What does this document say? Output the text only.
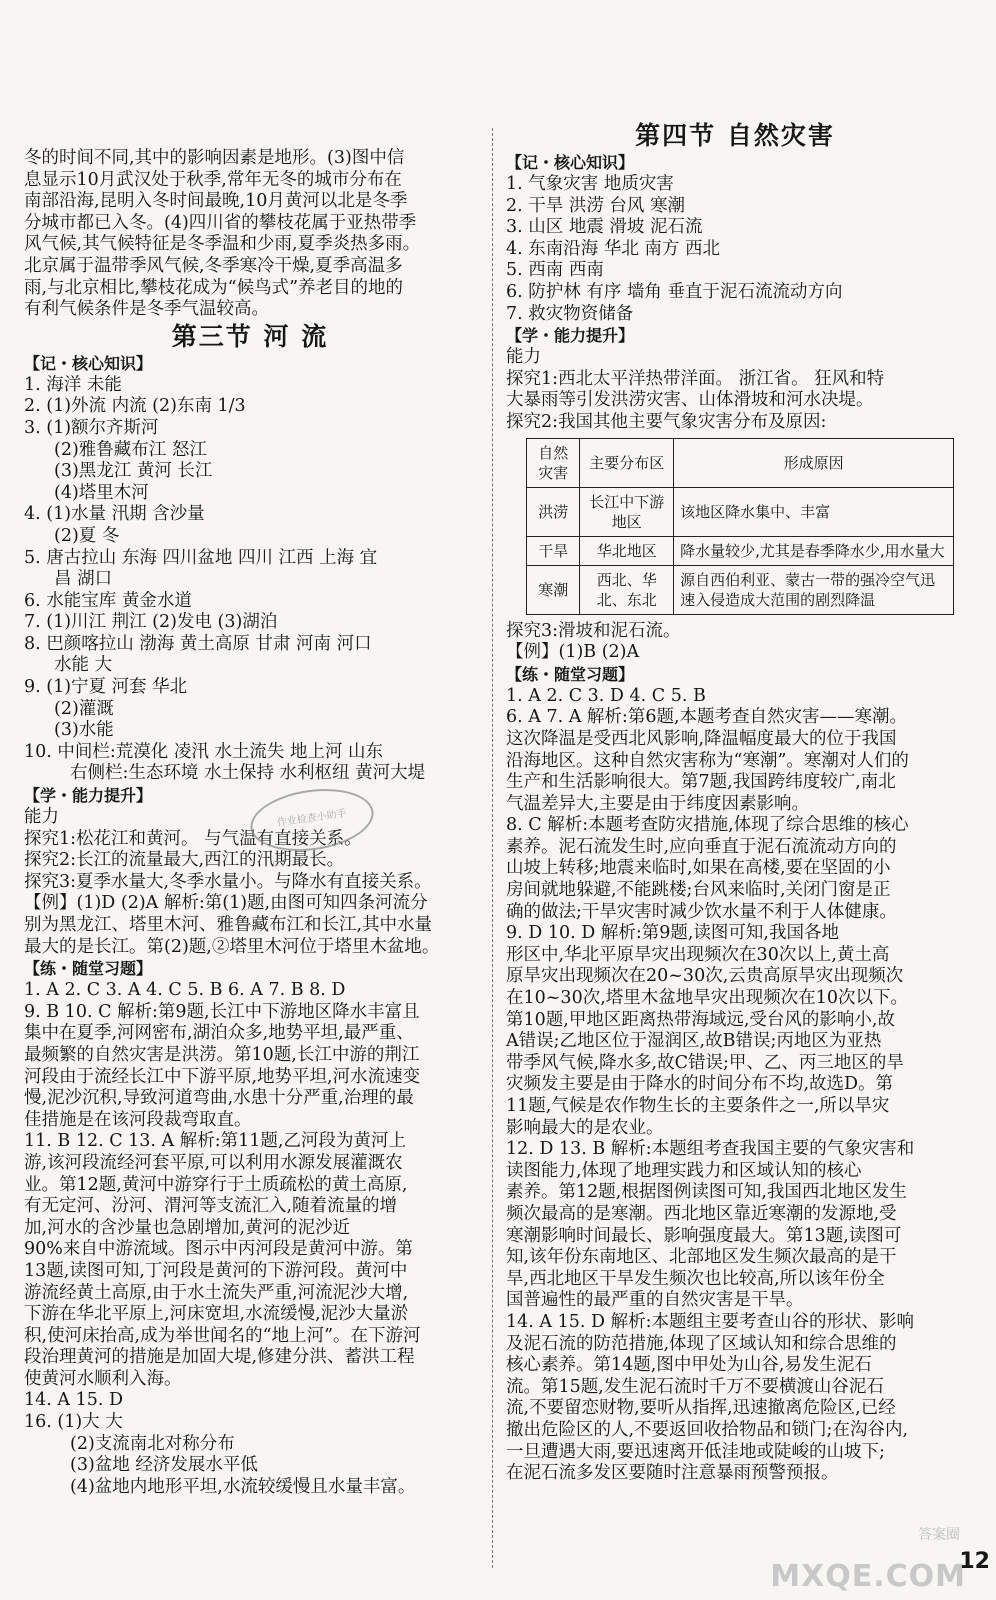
冬的时间不同,其中的影响因素是地形。(3)图中信
息显示10月武汉处于秋季,常年无冬的城市分布在
南部沿海,昆明入冬时间最晚,10月黄河以北是冬季
分城市都已入冬。(4)四川省的攀枝花属于亚热带季
风气候,其气候特征是冬季温和少雨,夏季炎热多雨。
北京属于温带季风气候,冬季寒冷干燥,夏季高温多
雨,与北京相比,攀枝花成为“候鸟式”养老目的地的
有利气候条件是冬季气温较高。
第三节 河 流
【记・核心知识】
1. 海洋 未能
2. (1)外流 内流 (2)东南 1/3
3. (1)额尔齐斯河
(2)雅鲁藏布江 怒江
(3)黑龙江 黄河 长江
(4)塔里木河
4. (1)水量 汛期 含沙量
(2)夏 冬
5. 唐古拉山 东海 四川盆地 四川 江西 上海 宜
昌 湖口
6. 水能宝库 黄金水道
7. (1)川江 荆江 (2)发电 (3)湖泊
8. 巴颜喀拉山 渤海 黄土高原 甘肃 河南 河口
水能 大
9. (1)宁夏 河套 华北
(2)灌溉
(3)水能
10. 中间栏:荒漠化 凌汛 水土流失 地上河 山东
右侧栏:生态环境 水土保持 水利枢纽 黄河大堤
【学・能力提升】
能力
探究1:松花江和黄河。 与气温有直接关系。
探究2:长江的流量最大,西江的汛期最长。
探究3:夏季水量大,冬季水量小。与降水有直接关系。
【例】(1)D (2)A 解析:第(1)题,由图可知四条河流分
别为黑龙江、塔里木河、雅鲁藏布江和长江,其中水量
最大的是长江。第(2)题,②塔里木河位于塔里木盆地。
【练・随堂习题】
1. A 2. C 3. A 4. C 5. B 6. A 7. B 8. D
9. B 10. C 解析:第9题,长江中下游地区降水丰富且
集中在夏季,河网密布,湖泊众多,地势平坦,最严重、
最频繁的自然灾害是洪涝。第10题,长江中游的荆江
河段由于流经长江中下游平原,地势平坦,河水流速变
慢,泥沙沉积,导致河道弯曲,水患十分严重,治理的最
佳措施是在该河段裁弯取直。
11. B 12. C 13. A 解析:第11题,乙河段为黄河上
游,该河段流经河套平原,可以利用水源发展灌溉农
业。第12题,黄河中游穿行于土质疏松的黄土高原,
有无定河、汾河、渭河等支流汇入,随着流量的增
加,河水的含沙量也急剧增加,黄河的泥沙近
90%来自中游流域。图示中丙河段是黄河中游。第
13题,读图可知,丁河段是黄河的下游河段。黄河中
游流经黄土高原,由于水土流失严重,河流泥沙大增,
下游在华北平原上,河床宽坦,水流缓慢,泥沙大量淤
积,使河床抬高,成为举世闻名的“地上河”。在下游河
段治理黄河的措施是加固大堤,修建分洪、蓄洪工程
使黄河水顺利入海。
14. A 15. D
16. (1)大 大
(2)支流南北对称分布
(3)盆地 经济发展水平低
(4)盆地内地形平坦,水流较缓慢且水量丰富。
作业检查小助手
第四节 自然灾害
【记・核心知识】
1. 气象灾害 地质灾害
2. 干旱 洪涝 台风 寒潮
3. 山区 地震 滑坡 泥石流
4. 东南沿海 华北 南方 西北
5. 西南 西南
6. 防护林 有序 墙角 垂直于泥石流流动方向
7. 救灾物资储备
【学・能力提升】
能力
探究1:西北太平洋热带洋面。 浙江省。 狂风和特
大暴雨等引发洪涝灾害、山体滑坡和河水决堤。
探究2:我国其他主要气象灾害分布及原因:
自然灾害	主要分布区	形成原因
洪涝	长江中下游地区	该地区降水集中、丰富
干旱	华北地区	降水量较少,尤其是春季降水少,用水量大
寒潮	西北、华北、东北	源自西伯利亚、蒙古一带的强冷空气迅速入侵造成大范围的剧烈降温
探究3:滑坡和泥石流。
【例】(1)B (2)A
【练・随堂习题】
1. A 2. C 3. D 4. C 5. B
6. A 7. A 解析:第6题,本题考查自然灾害——寒潮。
这次降温是受西北风影响,降温幅度最大的位于我国
沿海地区。这种自然灾害称为“寒潮”。寒潮对人们的
生产和生活影响很大。第7题,我国跨纬度较广,南北
气温差异大,主要是由于纬度因素影响。
8. C 解析:本题考查防灾措施,体现了综合思维的核心
素养。泥石流发生时,应向垂直于泥石流流动方向的
山坡上转移;地震来临时,如果在高楼,要在坚固的小
房间就地躲避,不能跳楼;台风来临时,关闭门窗是正
确的做法;干旱灾害时减少饮水量不利于人体健康。
9. D 10. D 解析:第9题,读图可知,我国各地
形区中,华北平原旱灾出现频次在30次以上,黄土高
原旱灾出现频次在20~30次,云贵高原旱灾出现频次
在10~30次,塔里木盆地旱灾出现频次在10次以下。
第10题,甲地区距离热带海域远,受台风的影响小,故
A错误;乙地区位于湿润区,故B错误;丙地区为亚热
带季风气候,降水多,故C错误;甲、乙、丙三地区的旱
灾频发主要是由于降水的时间分布不均,故选D。第
11题,气候是农作物生长的主要条件之一,所以旱灾
影响最大的是农业。
12. D 13. B 解析:本题组考查我国主要的气象灾害和
读图能力,体现了地理实践力和区域认知的核心
素养。第12题,根据图例读图可知,我国西北地区发生
频次最高的是寒潮。西北地区靠近寒潮的发源地,受
寒潮影响时间最长、影响强度最大。第13题,读图可
知,该年份东南地区、北部地区发生频次最高的是干
旱,西北地区干旱发生频次也比较高,所以该年份全
国普遍性的最严重的自然灾害是干旱。
14. A 15. D 解析:本题组主要考查山谷的形状、影响
及泥石流的防范措施,体现了区域认知和综合思维的
核心素养。第14题,图中甲处为山谷,易发生泥石
流。第15题,发生泥石流时千万不要横渡山谷泥石
流,不要留恋财物,要听从指挥,迅速撤离危险区,已经
撤出危险区的人,不要返回收拾物品和锁门;在沟谷内,
一旦遭遇大雨,要迅速离开低洼地或陡峻的山坡下;
在泥石流多发区要随时注意暴雨预警预报。
答案圈
MXQE.COM
12
